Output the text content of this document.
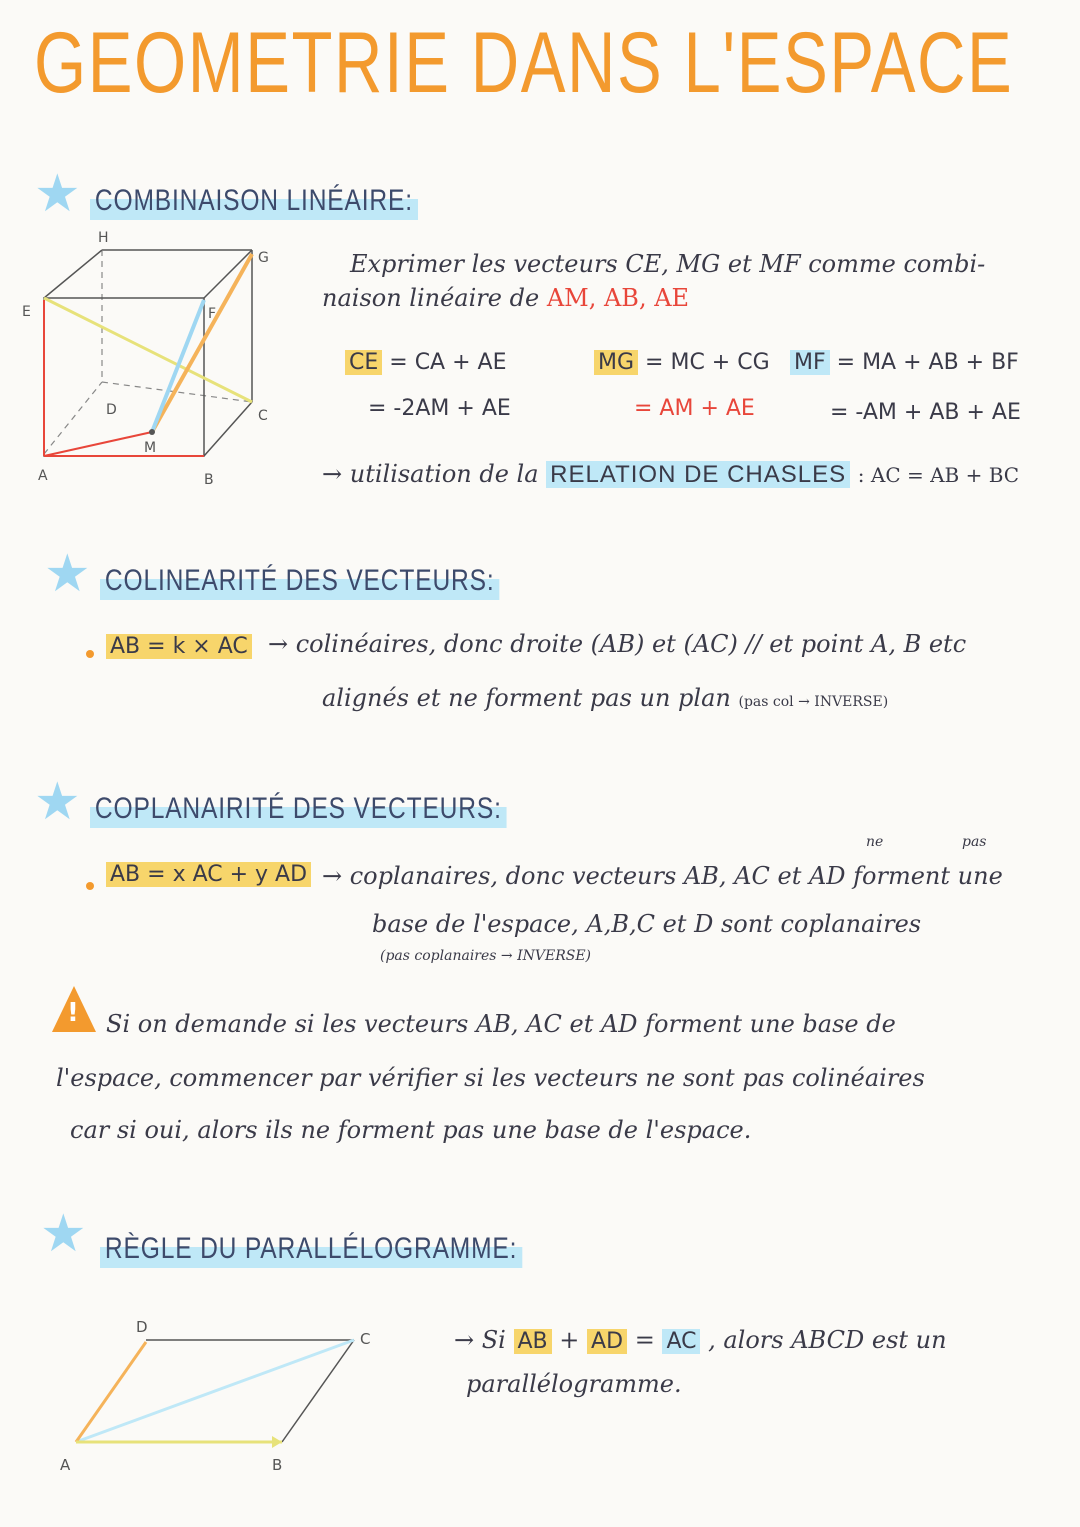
GEOMETRIE DANS L'ESPACE
★ COMBINAISON LINÉAIRE:
H
G
E	F
D	C
M
A	B
Exprimer les vecteurs CE, MG et MF comme combi-
naison linéaire de AM, AB, AE
CE = CA + AE
= -2AM + AE
MG = MC + CG
= AM + AE
MF = MA + AB + BF
= -AM + AB + AE
→ utilisation de la RELATION DE CHASLES : AC = AB + BC
★ COLINEARITÉ DES VECTEURS:
AB = k × AC → colinéaires, donc droite (AB) et (AC) // et point A, B etc
alignés et ne forment pas un plan (pas col → INVERSE)
★ COPLANAIRITÉ DES VECTEURS:
ne	pas
AB = x AC + y AD → coplanaires, donc vecteurs AB, AC et AD forment une
base de l'espace, A,B,C et D sont coplanaires
(pas coplanaires → INVERSE)
! Si on demande si les vecteurs AB, AC et AD forment une base de
l'espace, commencer par vérifier si les vecteurs ne sont pas colinéaires
car si oui, alors ils ne forment pas une base de l'espace.
★ RÈGLE DU PARALLÉLOGRAMME:
D
C
A	B
→ Si AB + AD = AC , alors ABCD est un
parallélogramme.
